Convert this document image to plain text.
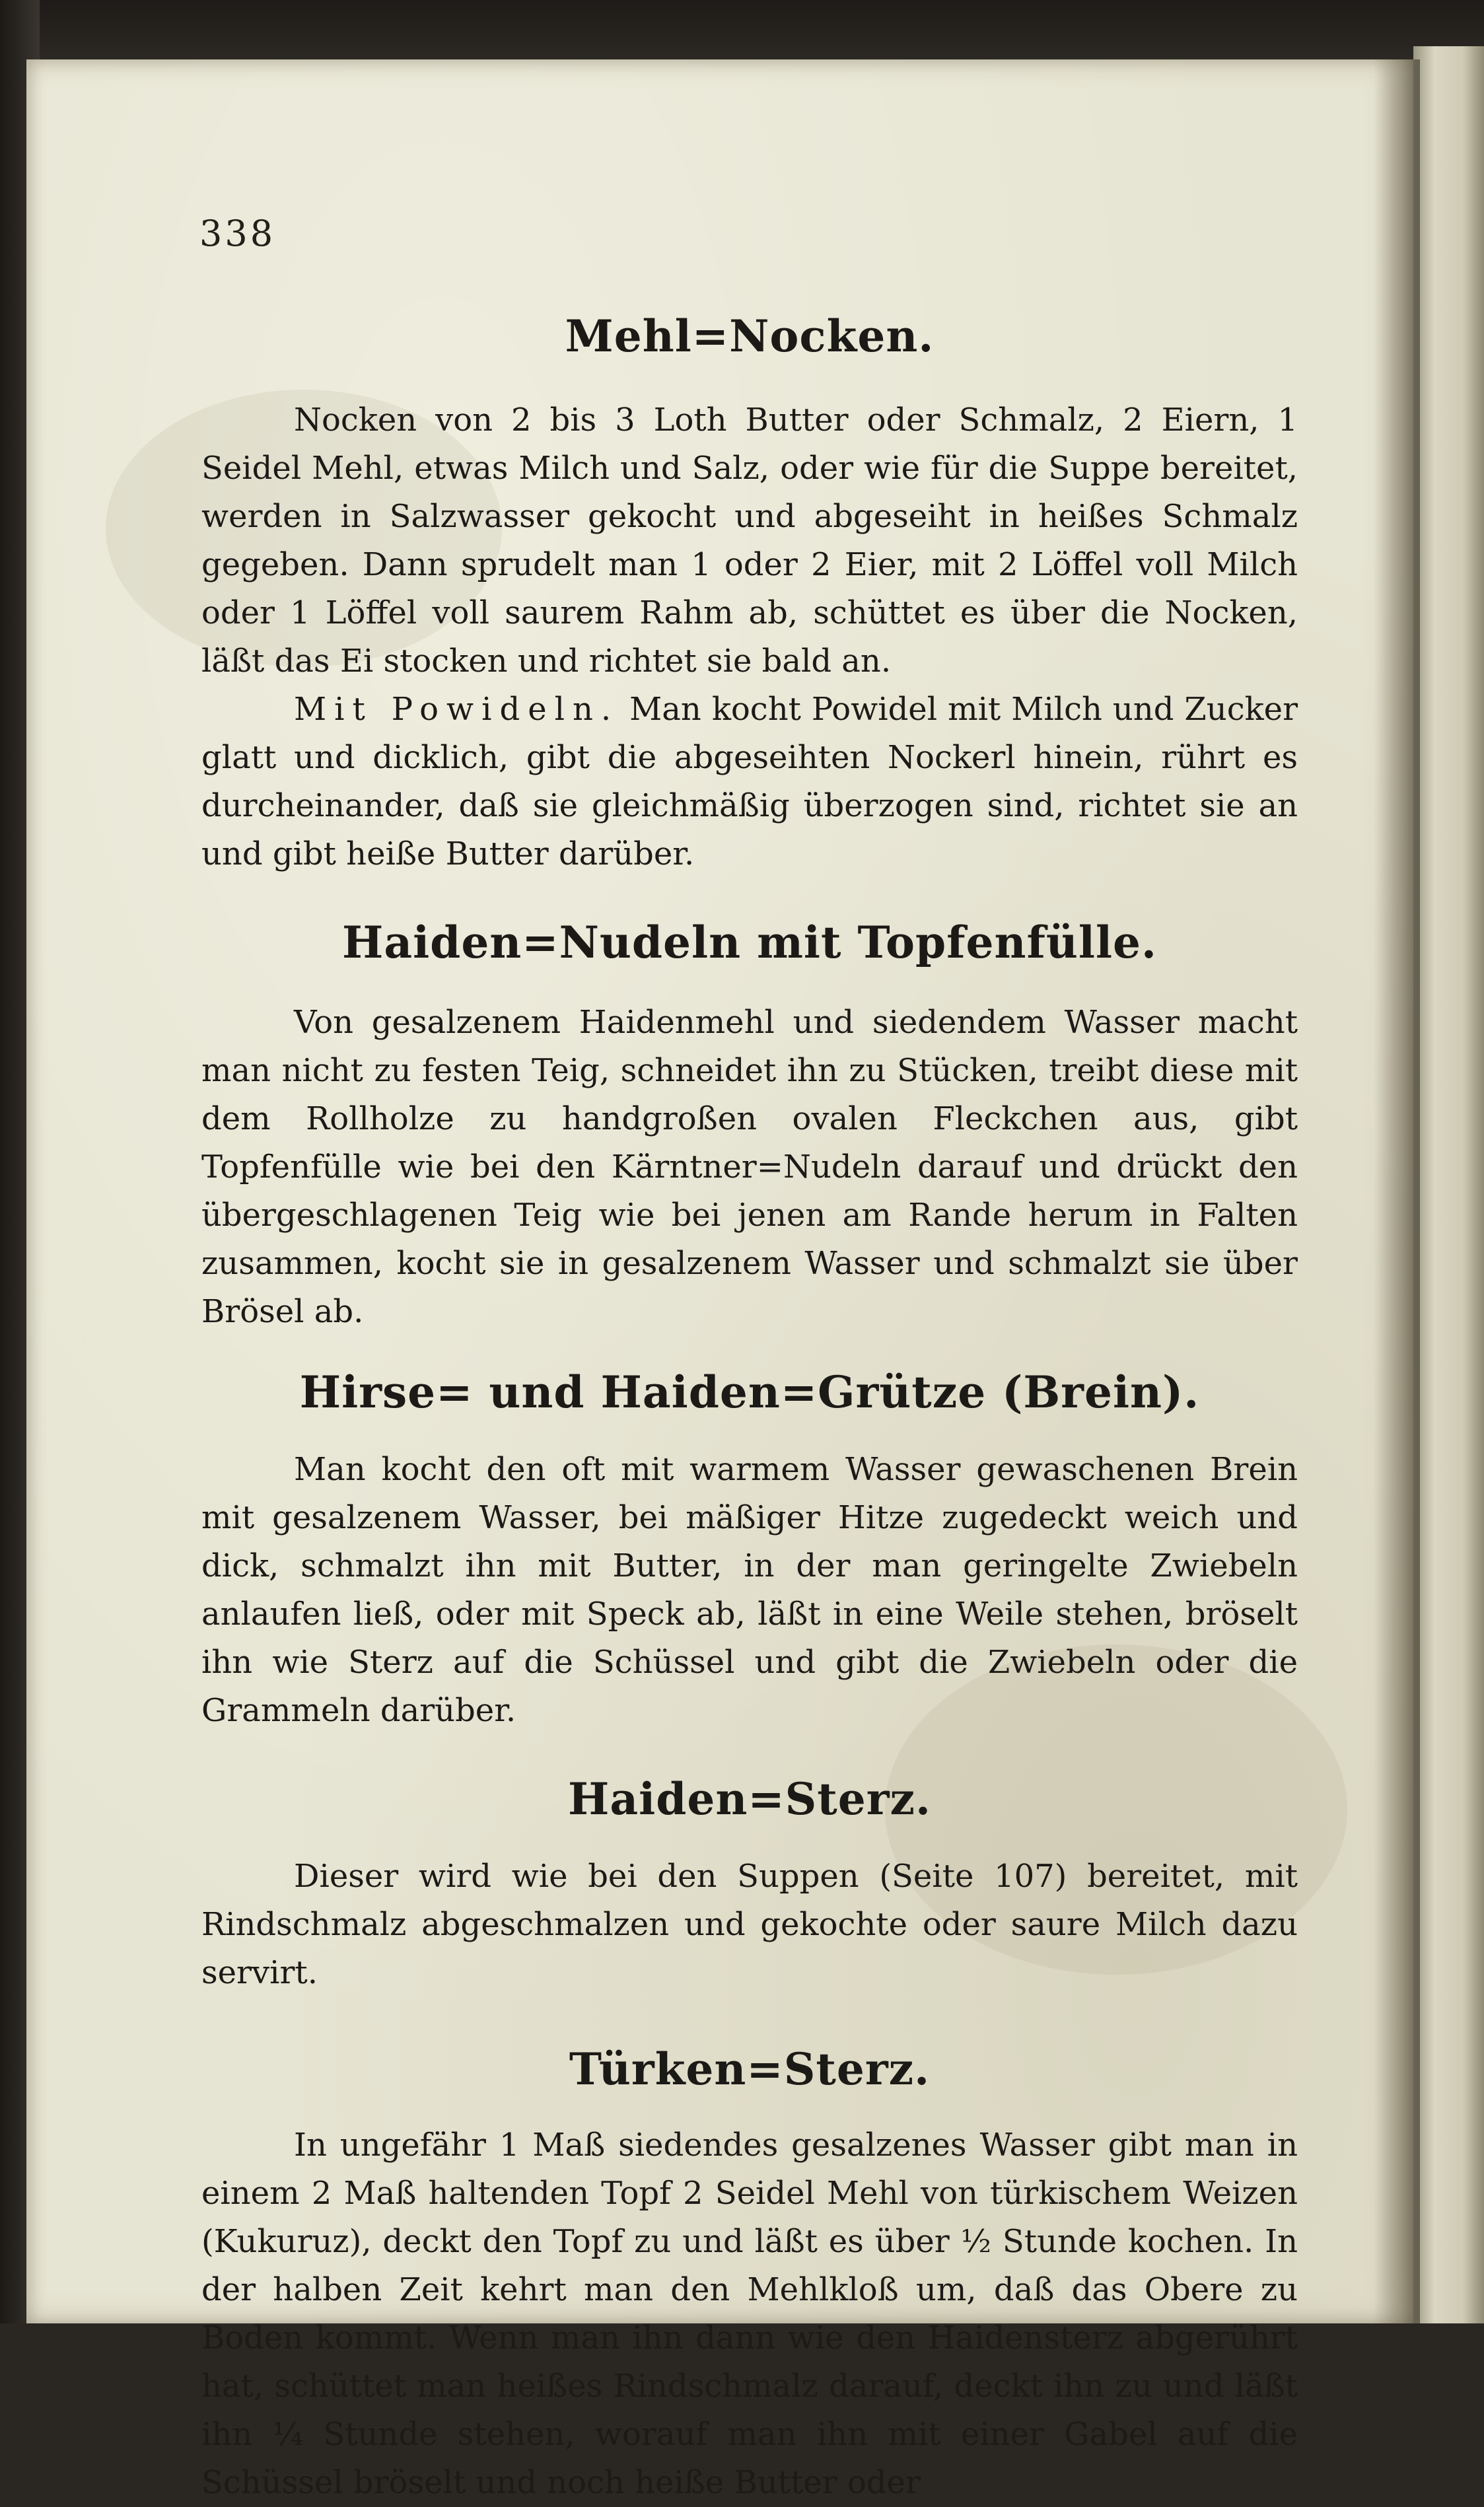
338
Mehl=Nocken.

Nocken von 2 bis 3 Loth Butter oder Schmalz, 2 Eiern, 1 Seidel Mehl, etwas Milch und Salz, oder wie für die Suppe bereitet, werden in Salzwasser gekocht und abgeseiht in heißes Schmalz gegeben. Dann sprudelt man 1 oder 2 Eier, mit 2 Löffel voll Milch oder 1 Löffel voll saurem Rahm ab, schüttet es über die Nocken, läßt das Ei stocken und richtet sie bald an.

Mit Powideln. Man kocht Powidel mit Milch und Zucker glatt und dicklich, gibt die abgeseihten Nockerl hinein, rührt es durcheinander, daß sie gleichmäßig überzogen sind, richtet sie an und gibt heiße Butter darüber.

Haiden=Nudeln mit Topfenfülle.

Von gesalzenem Haidenmehl und siedendem Wasser macht man nicht zu festen Teig, schneidet ihn zu Stücken, treibt diese mit dem Rollholze zu handgroßen ovalen Fleckchen aus, gibt Topfenfülle wie bei den Kärntner=Nudeln darauf und drückt den übergeschlagenen Teig wie bei jenen am Rande herum in Falten zusammen, kocht sie in gesalzenem Wasser und schmalzt sie über Brösel ab.

Hirse= und Haiden=Grütze (Brein).

Man kocht den oft mit warmem Wasser gewaschenen Brein mit gesalzenem Wasser, bei mäßiger Hitze zugedeckt weich und dick, schmalzt ihn mit Butter, in der man geringelte Zwiebeln anlaufen ließ, oder mit Speck ab, läßt in eine Weile stehen, bröselt ihn wie Sterz auf die Schüssel und gibt die Zwiebeln oder die Grammeln darüber.

Haiden=Sterz.

Dieser wird wie bei den Suppen (Seite 107) bereitet, mit Rindschmalz abgeschmalzen und gekochte oder saure Milch dazu servirt.

Türken=Sterz.

In ungefähr 1 Maß siedendes gesalzenes Wasser gibt man in einem 2 Maß haltenden Topf 2 Seidel Mehl von türkischem Weizen (Kukuruz), deckt den Topf zu und läßt es über ½ Stunde kochen. In der halben Zeit kehrt man den Mehlkloß um, daß das Obere zu Boden kommt. Wenn man ihn dann wie den Haidensterz abgerührt hat, schüttet man heißes Rindschmalz darauf, deckt ihn zu und läßt ihn ¼ Stunde stehen, worauf man ihn mit einer Gabel auf die Schüssel bröselt und noch heiße Butter oder
